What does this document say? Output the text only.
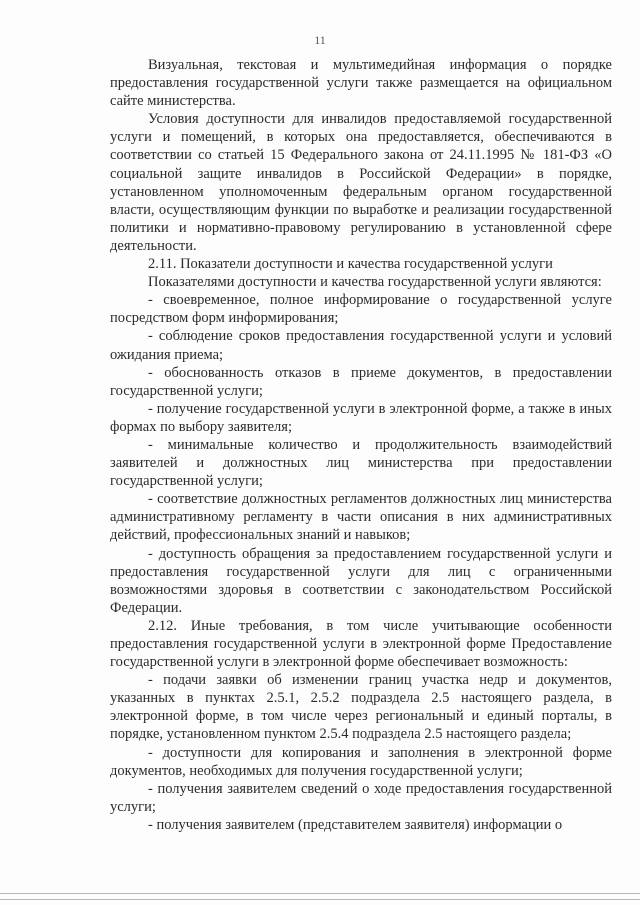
11

Визуальная, текстовая и мультимедийная информация о порядке предоставления государственной услуги также размещается на официальном сайте министерства.

Условия доступности для инвалидов предоставляемой государственной услуги и помещений, в которых она предоставляется, обеспечиваются в соответствии со статьей 15 Федерального закона от 24.11.1995 № 181-ФЗ «О социальной защите инвалидов в Российской Федерации» в порядке, установленном уполномоченным федеральным органом государственной власти, осуществляющим функции по выработке и реализации государственной политики и нормативно-правовому регулированию в установленной сфере деятельности.

2.11. Показатели доступности и качества государственной услуги

Показателями доступности и качества государственной услуги являются:

- своевременное, полное информирование о государственной услуге посредством форм информирования;

- соблюдение сроков предоставления государственной услуги и условий ожидания приема;

- обоснованность отказов в приеме документов, в предоставлении государственной услуги;

- получение государственной услуги в электронной форме, а также в иных формах по выбору заявителя;

- минимальные количество и продолжительность взаимодействий заявителей и должностных лиц министерства при предоставлении государственной услуги;

- соответствие должностных регламентов должностных лиц министерства административному регламенту в части описания в них административных действий, профессиональных знаний и навыков;

- доступность обращения за предоставлением государственной услуги и предоставления государственной услуги для лиц с ограниченными возможностями здоровья в соответствии с законодательством Российской Федерации.

2.12. Иные требования, в том числе учитывающие особенности предоставления государственной услуги в электронной форме Предоставление государственной услуги в электронной форме обеспечивает возможность:

- подачи заявки об изменении границ участка недр и документов, указанных в пунктах 2.5.1, 2.5.2 подраздела 2.5 настоящего раздела, в электронной форме, в том числе через региональный и единый порталы, в порядке, установленном пунктом 2.5.4 подраздела 2.5 настоящего раздела;

- доступности для копирования и заполнения в электронной форме документов, необходимых для получения государственной услуги;

- получения заявителем сведений о ходе предоставления государственной услуги;

- получения заявителем (представителем заявителя) информации о
